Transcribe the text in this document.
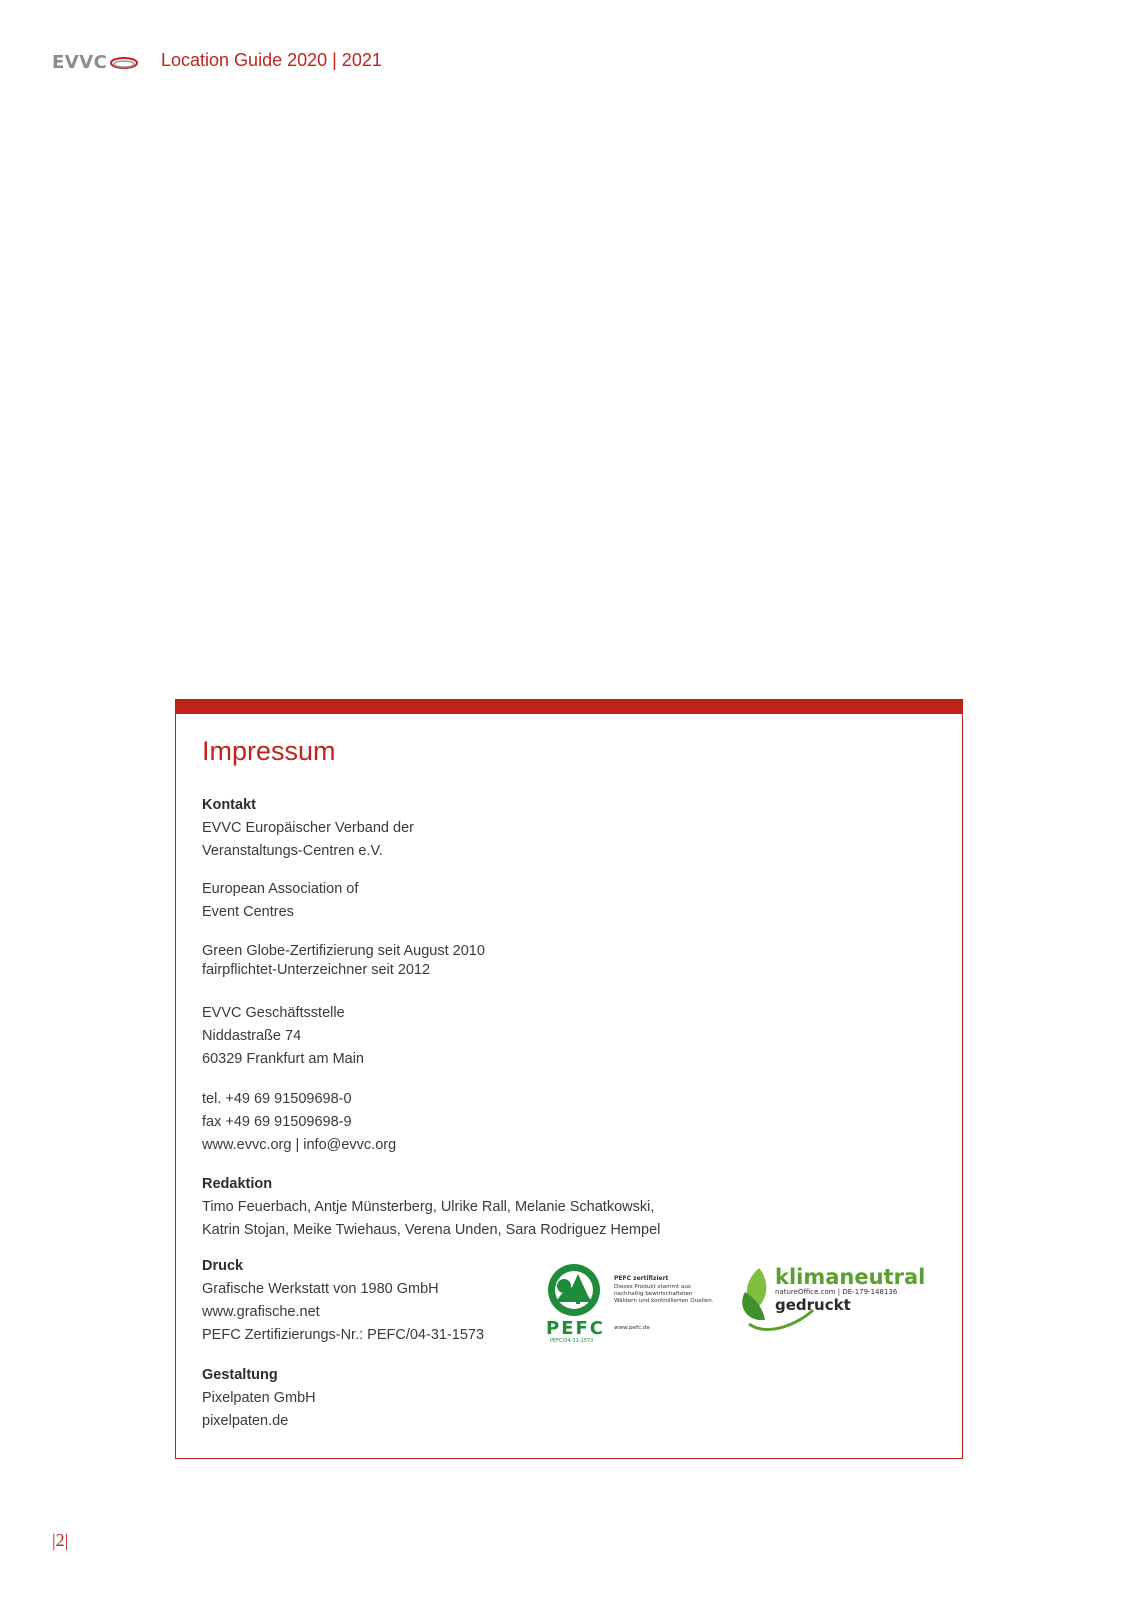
EVVC	Location Guide 2020 | 2021
Impressum
Kontakt
EVVC Europäischer Verband der
Veranstaltungs-Centren e.V.
European Association of
Event Centres
Green Globe-Zertifizierung seit August 2010
fairpflichtet-Unterzeichner seit 2012
EVVC Geschäftsstelle
Niddastraße 74
60329 Frankfurt am Main
tel. +49 69 91509698-0
fax +49 69 91509698-9
www.evvc.org | info@evvc.org
Redaktion
Timo Feuerbach, Antje Münsterberg, Ulrike Rall, Melanie Schatkowski,
Katrin Stojan, Meike Twiehaus, Verena Unden, Sara Rodriguez Hempel
Druck
Grafische Werkstatt von 1980 GmbH
www.grafische.net
PEFC Zertifizierungs-Nr.: PEFC/04-31-1573
Gestaltung
Pixelpaten GmbH
pixelpaten.de
PEFC
PEFC/04-31-1573
PEFC zertifiziert
Dieses Produkt stammt aus
nachhaltig bewirtschafteten
Wäldern und kontrollierten Quellen.
www.pefc.de
klimaneutral
natureOffice.com | DE-179-148136
gedruckt
|2|
